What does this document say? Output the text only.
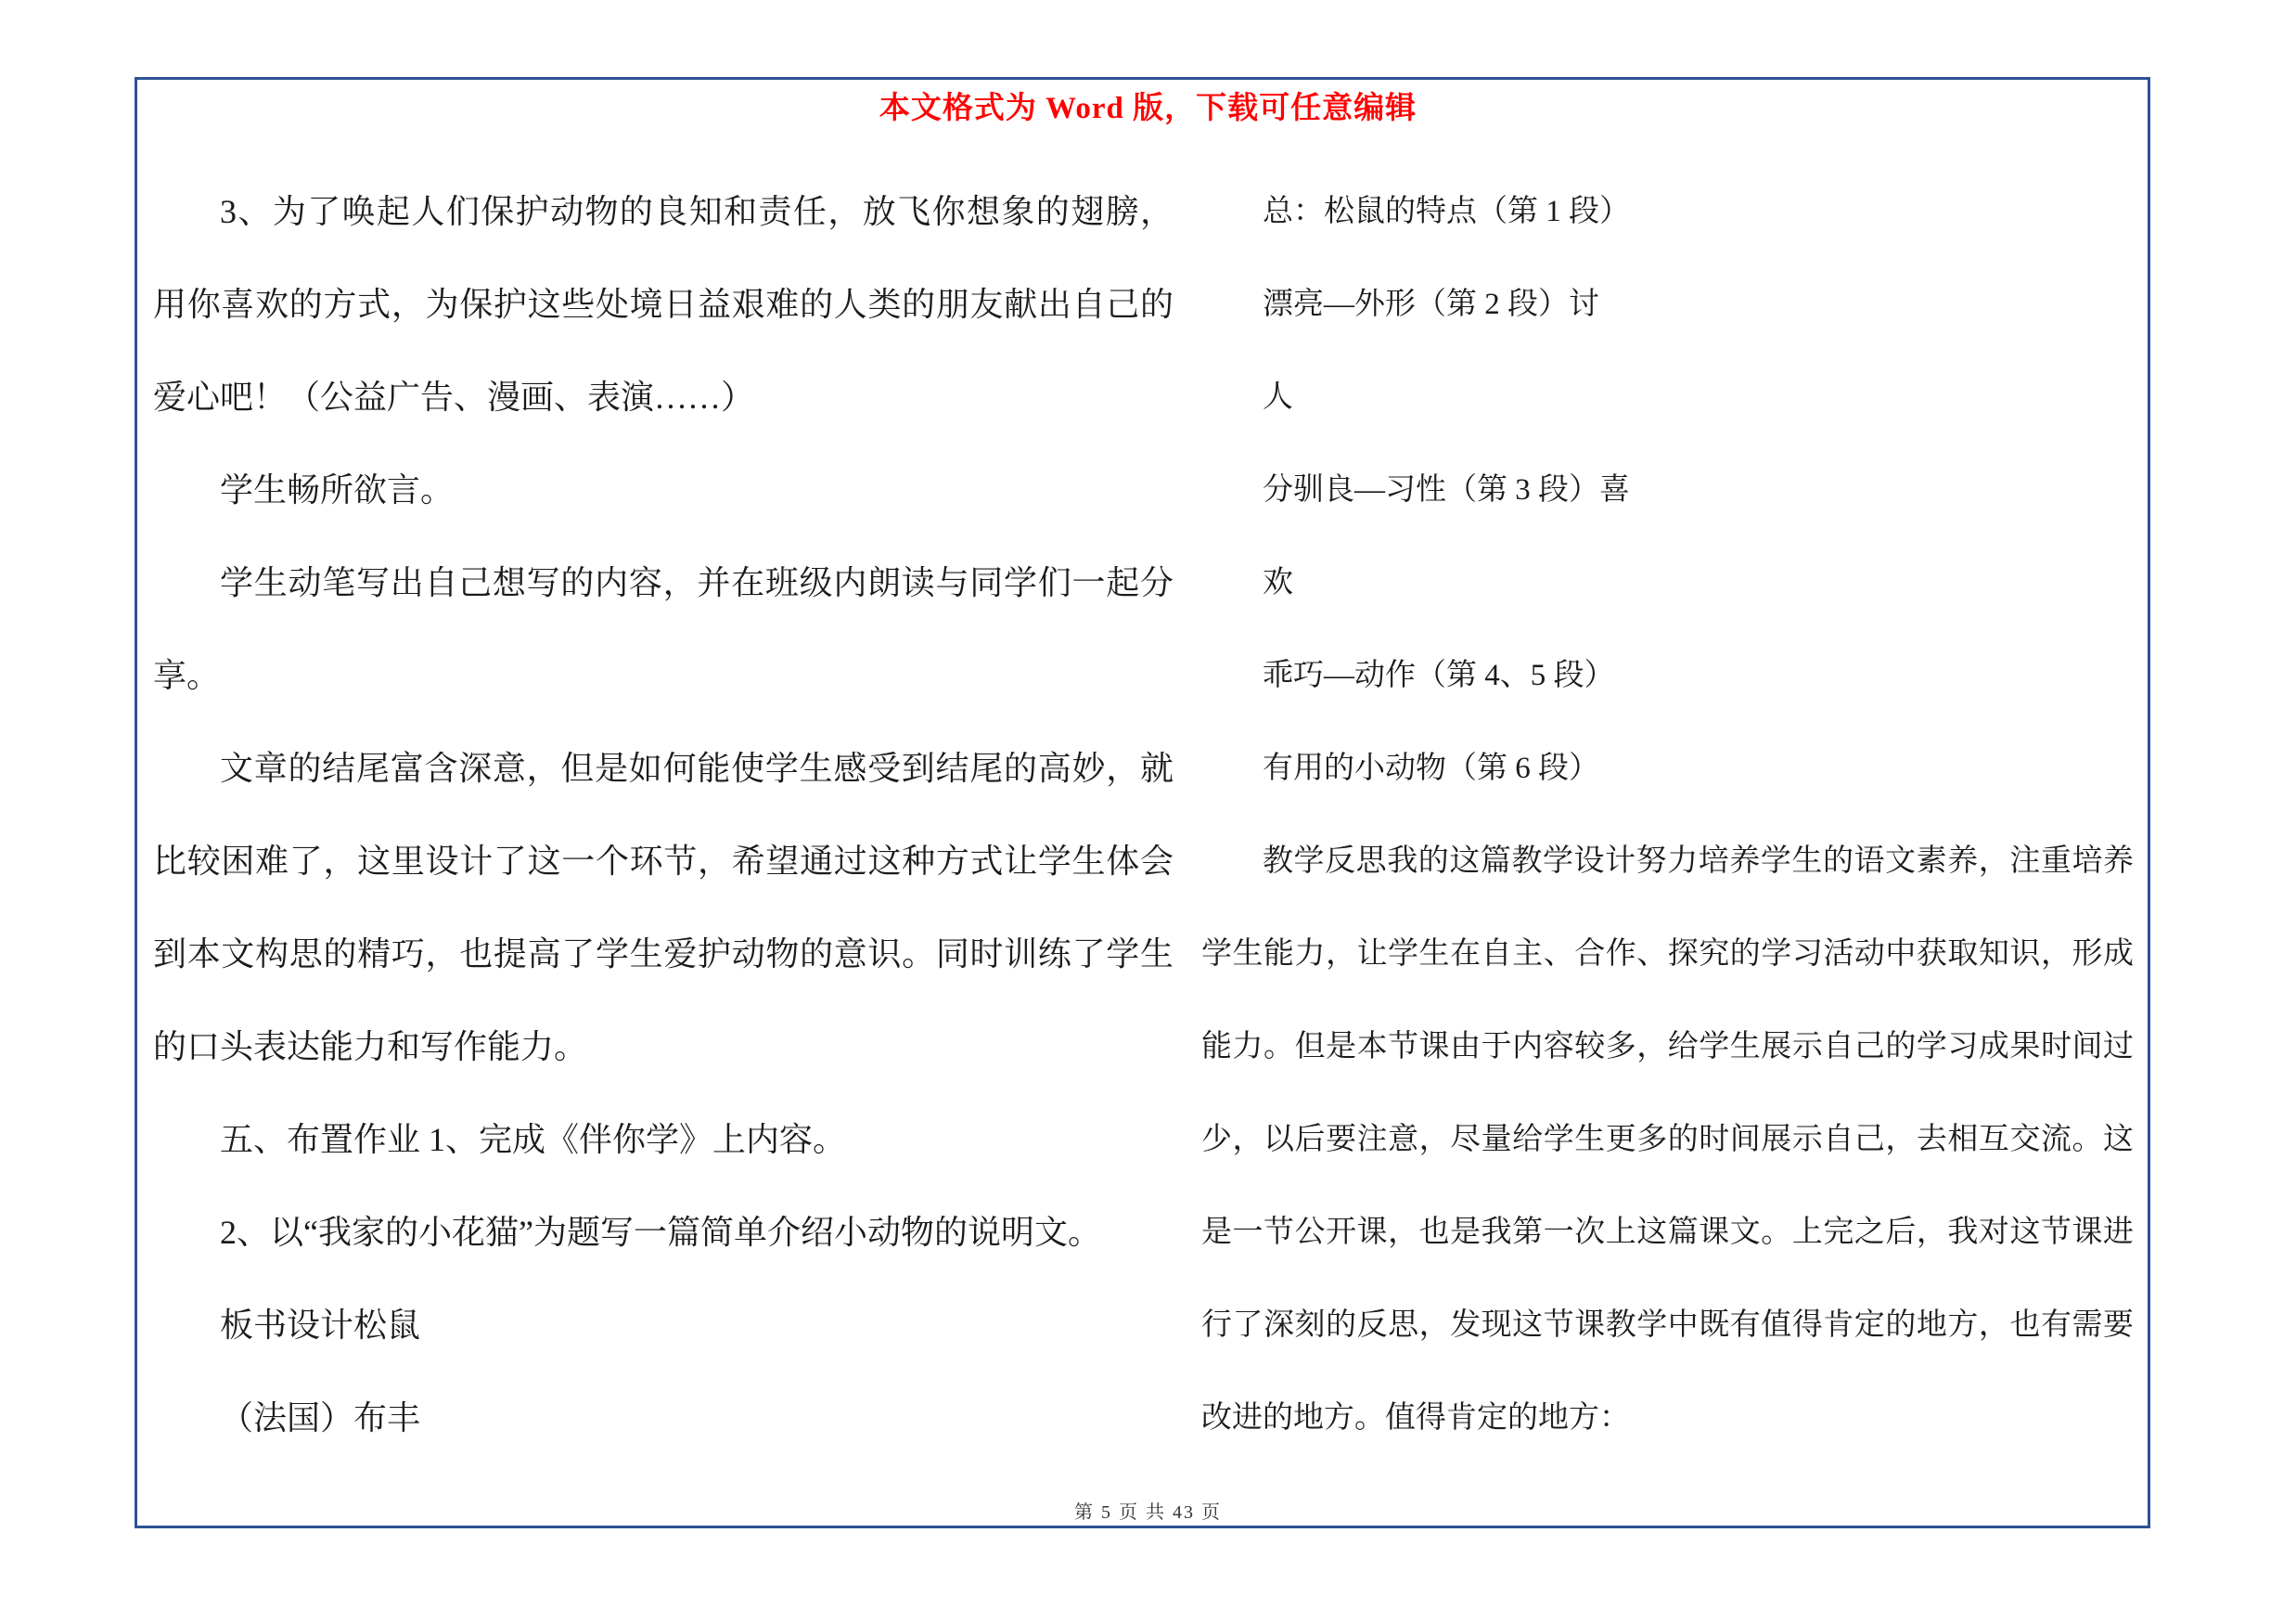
本文格式为 Word 版，下载可任意编辑
3、为了唤起人们保护动物的良知和责任，放飞你想象的翅膀，
用你喜欢的方式，为保护这些处境日益艰难的人类的朋友献出自己的
爱心吧！（公益广告、漫画、表演……）
学生畅所欲言。
学生动笔写出自己想写的内容，并在班级内朗读与同学们一起分
享。
文章的结尾富含深意，但是如何能使学生感受到结尾的高妙，就
比较困难了，这里设计了这一个环节，希望通过这种方式让学生体会
到本文构思的精巧，也提高了学生爱护动物的意识。同时训练了学生
的口头表达能力和写作能力。
五、布置作业 1、完成《伴你学》上内容。
2、以“我家的小花猫”为题写一篇简单介绍小动物的说明文。
板书设计松鼠
（法国）布丰
总：松鼠的特点（第 1 段）
漂亮—外形（第 2 段）讨
人
分驯良—习性（第 3 段）喜
欢
乖巧—动作（第 4、5 段）
有用的小动物（第 6 段）
教学反思我的这篇教学设计努力培养学生的语文素养，注重培养
学生能力，让学生在自主、合作、探究的学习活动中获取知识，形成
能力。但是本节课由于内容较多，给学生展示自己的学习成果时间过
少，以后要注意，尽量给学生更多的时间展示自己，去相互交流。这
是一节公开课，也是我第一次上这篇课文。上完之后，我对这节课进
行了深刻的反思，发现这节课教学中既有值得肯定的地方，也有需要
改进的地方。值得肯定的地方：
第 5 页 共 43 页
